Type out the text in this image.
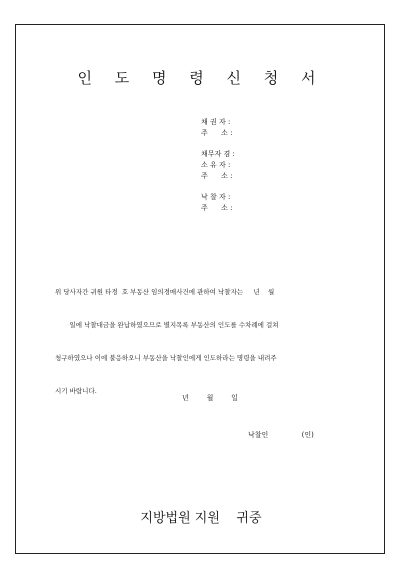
인 도 명 령 신 청 서
채 권 자 :
주      소 :
채무자 겸 :
소 유 자 :
주      소 :
낙 찰 자 :
주      소 :

위 당사자간 귀원 타경  호 부동산 임의경매사건에 관하여 낙찰자는     년    월

일에 낙찰대금을 완납하였으므로 별지목록 부동산의 인도를 수차례에 걸쳐

청구하였으나 이에 불응하오니 부동산을 낙찰인에게 인도하라는 명령을 내려주

시기 바랍니다.

년        월        일
낙찰인               (인)
지방법원 지원    귀중
